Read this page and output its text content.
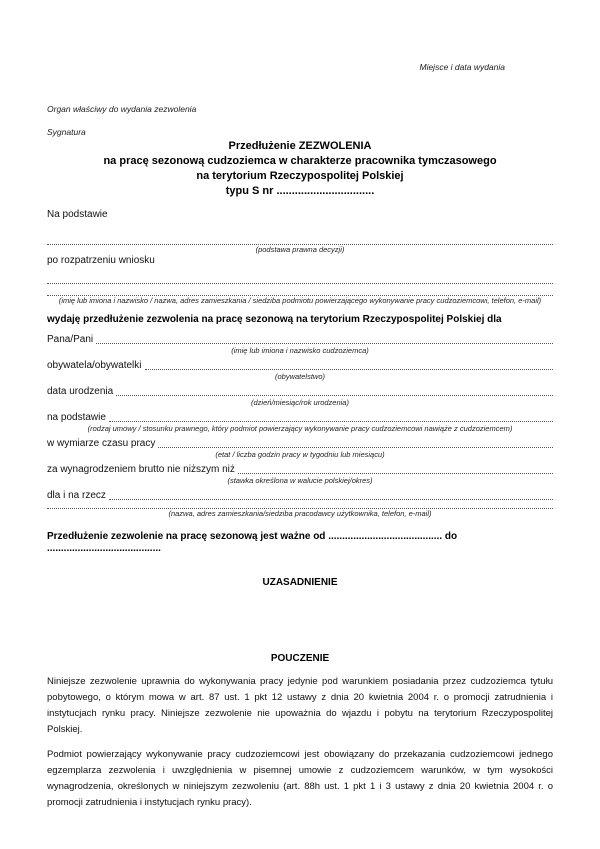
Miejsce i data wydania
Organ właściwy do wydania zezwolenia
Sygnatura
Przedłużenie ZEZWOLENIA
na pracę sezonową cudzoziemca w charakterze pracownika tymczasowego
na terytorium Rzeczypospolitej Polskiej
typu S nr ................................
Na podstawie
(podstawa prawna decyzji)
po rozpatrzeniu wniosku
(imię lub imiona i nazwisko / nazwa, adres zamieszkania / siedziba podmiotu powierzającego wykonywanie pracy cudzoziemcowi, telefon, e-mail)
wydaję przedłużenie zezwolenia na pracę sezonową na terytorium Rzeczypospolitej Polskiej dla
Pana/Pani
(imię lub imiona i nazwisko cudzoziemca)
obywatela/obywatelki
(obywatelstwo)
data urodzenia
(dzień/miesiąc/rok urodzenia)
na podstawie
(rodzaj umowy / stosunku prawnego, który podmiot powierzający wykonywanie pracy cudzoziemcowi nawiąże z cudzoziemcem)
w wymiarze czasu pracy
(etat / liczba godzin pracy w tygodniu lub miesiącu)
za wynagrodzeniem brutto nie niższym niż
(stawka określona w walucie polskiej/okres)
dla i na rzecz
(nazwa, adres zamieszkania/siedziba pracodawcy użytkownika, telefon, e-mail)
Przedłużenie zezwolenie na pracę sezonową jest ważne od ......................................... do .........................................
UZASADNIENIE
POUCZENIE
Niniejsze zezwolenie uprawnia do wykonywania pracy jedynie pod warunkiem posiadania przez cudzoziemca tytułu pobytowego, o którym mowa w art. 87 ust. 1 pkt 12 ustawy z dnia 20 kwietnia 2004 r. o promocji zatrudnienia i instytucjach rynku pracy. Niniejsze zezwolenie nie upoważnia do wjazdu i pobytu na terytorium Rzeczypospolitej Polskiej.
Podmiot powierzający wykonywanie pracy cudzoziemcowi jest obowiązany do przekazania cudzoziemcowi jednego egzemplarza zezwolenia i uwzględnienia w pisemnej umowie z cudzoziemcem warunków, w tym wysokości wynagrodzenia, określonych w niniejszym zezwoleniu (art. 88h ust. 1 pkt 1 i 3 ustawy z dnia 20 kwietnia 2004 r. o promocji zatrudnienia i instytucjach rynku pracy).
